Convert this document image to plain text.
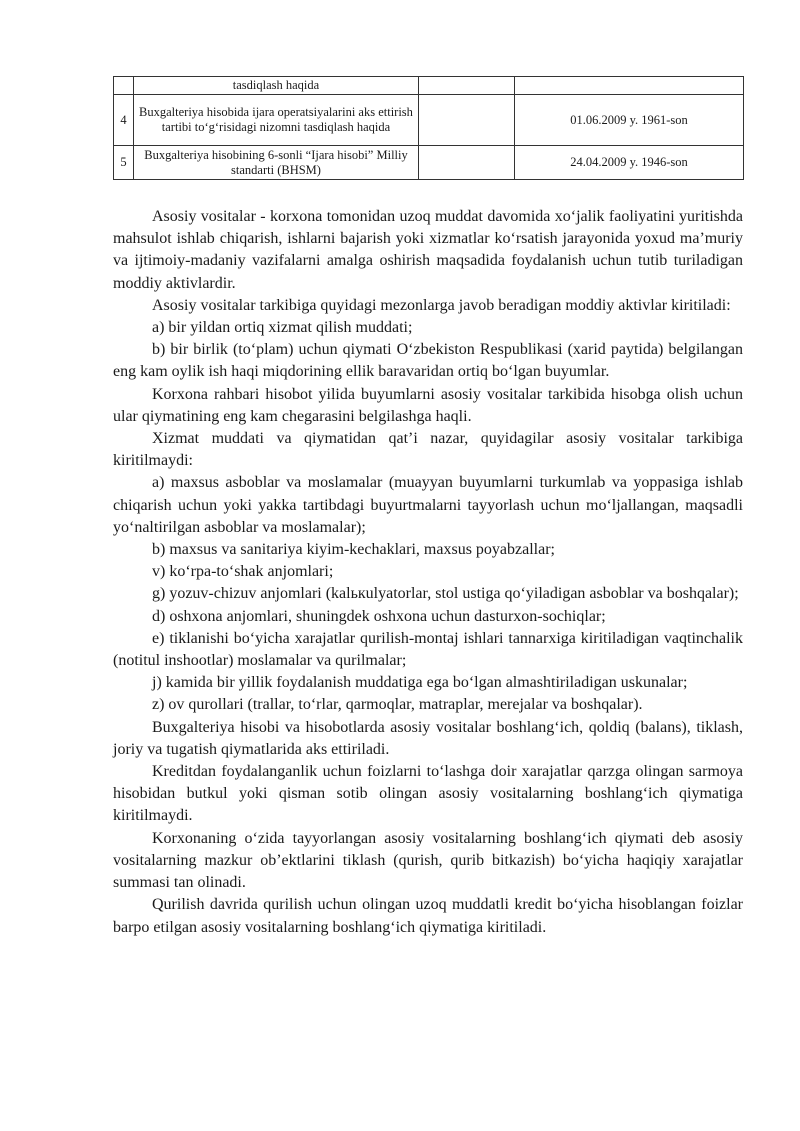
	tasdiqlash haqida		
4	Buxgalteriya hisobida ijara operatsiyalarini aks ettirish tartibi to‘g‘risidagi nizomni tasdiqlash haqida		01.06.2009 y. 1961-son
5	Buxgalteriya hisobining 6-sonli “Ijara hisobi” Milliy standarti (BHSM)		24.04.2009 y. 1946-son

Asosiy vositalar - korxona tomonidan uzoq muddat davomida xo‘jalik faoliyatini yuritishda mahsulot ishlab chiqarish, ishlarni bajarish yoki xizmatlar ko‘rsatish jarayonida yoxud ma’muriy va ijtimoiy-madaniy vazifalarni amalga oshirish maqsadida foydalanish uchun tutib turiladigan moddiy aktivlardir.

Asosiy vositalar tarkibiga quyidagi mezonlarga javob beradigan moddiy aktivlar kiritiladi:

a) bir yildan ortiq xizmat qilish muddati;

b) bir birlik (to‘plam) uchun qiymati O‘zbekiston Respublikasi (xarid paytida) belgilangan eng kam oylik ish haqi miqdorining ellik baravaridan ortiq bo‘lgan buyumlar.

Korxona rahbari hisobot yilida buyumlarni asosiy vositalar tarkibida hisobga olish uchun ular qiymatining eng kam chegarasini belgilashga haqli.

Xizmat muddati va qiymatidan qat’i nazar, quyidagilar asosiy vositalar tarkibiga kiritilmaydi:

a) maxsus asboblar va moslamalar (muayyan buyumlarni turkumlab va yoppasiga ishlab chiqarish uchun yoki yakka tartibdagi buyurtmalarni tayyorlash uchun mo‘ljallangan, maqsadli yo‘naltirilgan asboblar va moslamalar);

b) maxsus va sanitariya kiyim-kechaklari, maxsus poyabzallar;

v) ko‘rpa-to‘shak anjomlari;

g) yozuv-chizuv anjomlari (kalькulyatorlar, stol ustiga qo‘yiladigan asboblar va boshqalar);

d) oshxona anjomlari, shuningdek oshxona uchun dasturxon-sochiqlar;

e) tiklanishi bo‘yicha xarajatlar qurilish-montaj ishlari tannarxiga kiritiladigan vaqtinchalik (notitul inshootlar) moslamalar va qurilmalar;

j) kamida bir yillik foydalanish muddatiga ega bo‘lgan almashtiriladigan uskunalar;

z) ov qurollari (trallar, to‘rlar, qarmoqlar, matraplar, merejalar va boshqalar).

Buxgalteriya hisobi va hisobotlarda asosiy vositalar boshlang‘ich, qoldiq (balans), tiklash, joriy va tugatish qiymatlarida aks ettiriladi.

Kreditdan foydalanganlik uchun foizlarni to‘lashga doir xarajatlar qarzga olingan sarmoya hisobidan butkul yoki qisman sotib olingan asosiy vositalarning boshlang‘ich qiymatiga kiritilmaydi.

Korxonaning o‘zida tayyorlangan asosiy vositalarning boshlang‘ich qiymati deb asosiy vositalarning mazkur ob’ektlarini tiklash (qurish, qurib bitkazish) bo‘yicha haqiqiy xarajatlar summasi tan olinadi.

Qurilish davrida qurilish uchun olingan uzoq muddatli kredit bo‘yicha hisoblangan foizlar barpo etilgan asosiy vositalarning boshlang‘ich qiymatiga kiritiladi.
